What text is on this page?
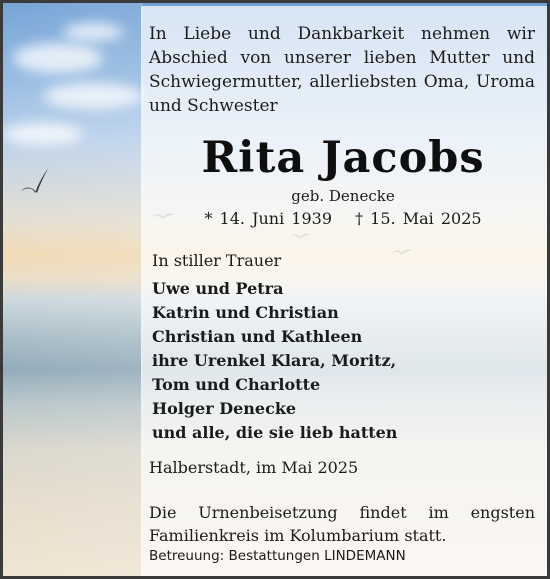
In Liebe und Dankbarkeit nehmen wir Abschied von unserer lieben Mutter und Schwiegermutter, allerliebsten Oma, Uroma und Schwester
Rita Jacobs
geb. Denecke
* 14. Juni 1939 † 15. Mai 2025
In stiller Trauer
Uwe und Petra
Katrin und Christian
Christian und Kathleen
ihre Urenkel Klara, Moritz,
Tom und Charlotte
Holger Denecke
und alle, die sie lieb hatten
Halberstadt, im Mai 2025
Die Urnenbeisetzung findet im engsten Familienkreis im Kolumbarium statt.
Betreuung: Bestattungen LINDEMANN
